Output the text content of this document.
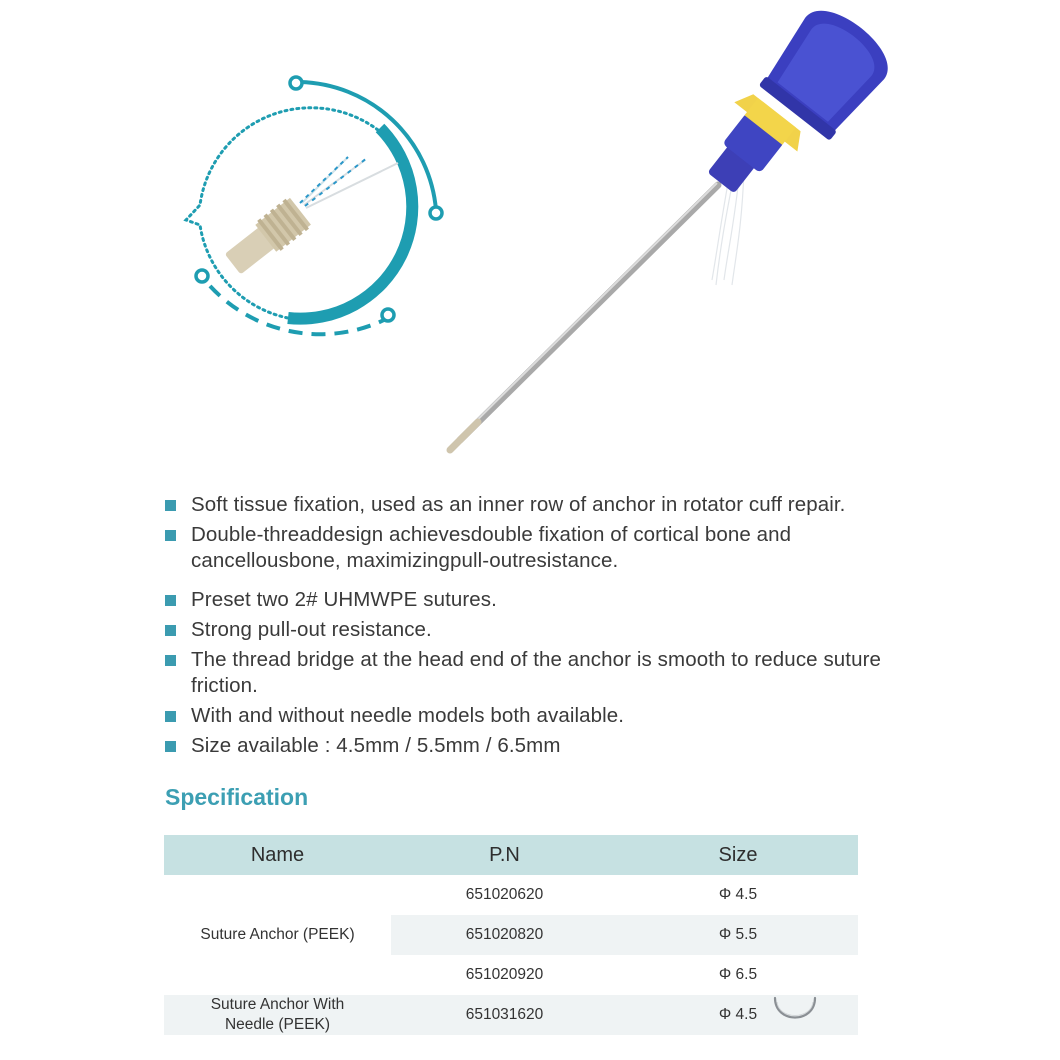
Soft tissue fixation, used as an inner row of anchor in rotator cuff repair.
Double-threaddesign achievesdouble fixation of cortical bone and cancellousbone, maximizingpull-outresistance.
Preset two 2# UHMWPE sutures.
Strong pull-out resistance.
The thread bridge at the head end of the anchor is smooth to reduce suture friction.
With and without needle models both available.
Size available : 4.5mm / 5.5mm / 6.5mm
Specification
Name	P.N	Size
Suture Anchor (PEEK)	651020620	Φ 4.5
	651020820	Φ 5.5
	651020920	Φ 6.5
Suture Anchor With
Needle (PEEK)	651031620	Φ 4.5
